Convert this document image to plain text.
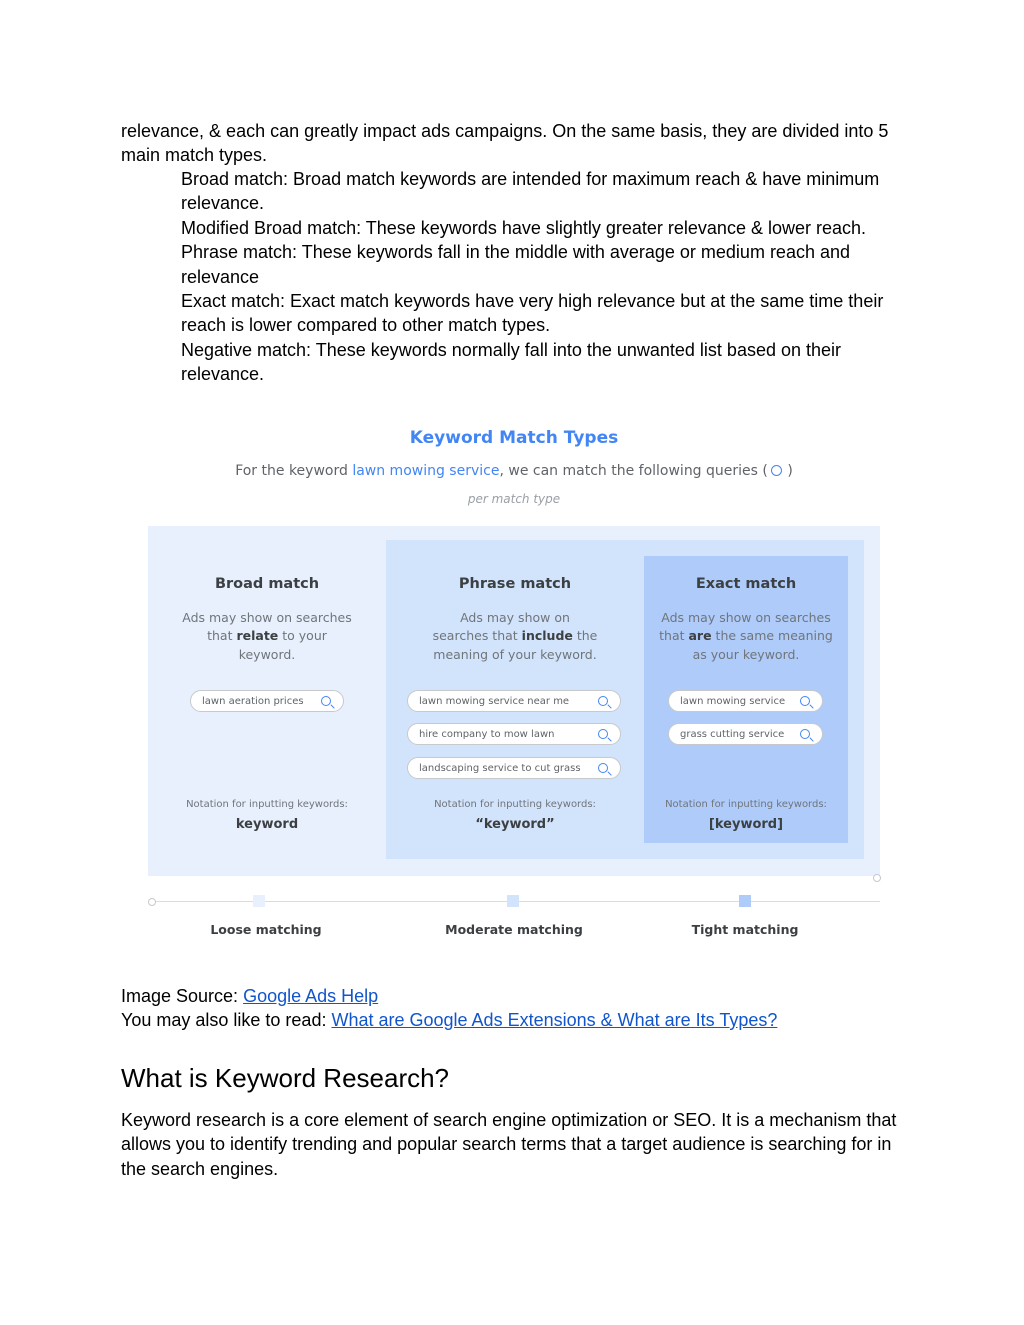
relevance, & each can greatly impact ads campaigns. On the same basis, they are divided into 5 main match types.

Broad match: Broad match keywords are intended for maximum reach & have minimum relevance.
Modified Broad match: These keywords have slightly greater relevance & lower reach.
Phrase match: These keywords fall in the middle with average or medium reach and relevance
Exact match: Exact match keywords have very high relevance but at the same time their reach is lower compared to other match types.
Negative match: These keywords normally fall into the unwanted list based on their relevance.
Keyword Match Types
For the keyword lawn mowing service, we can match the following queries ( )
per match type
Broad match
Ads may show on searches
that relate to your keyword.
Notation for inputting keywords:
keyword
lawn aeration prices
Phrase match
Ads may show on
searches that include the
meaning of your keyword.
Notation for inputting keywords:
“keyword”
lawn mowing service near me
hire company to mow lawn
landscaping service to cut grass
Exact match
Ads may show on searches
that are the same meaning
as your keyword.
Notation for inputting keywords:
[keyword]
lawn mowing service
grass cutting service
Loose matching	Moderate matching	Tight matching

Image Source: Google Ads Help

You may also like to read: What are Google Ads Extensions & What are Its Types?

What is Keyword Research?

Keyword research is a core element of search engine optimization or SEO. It is a mechanism that allows you to identify trending and popular search terms that a target audience is searching for in the search engines.
